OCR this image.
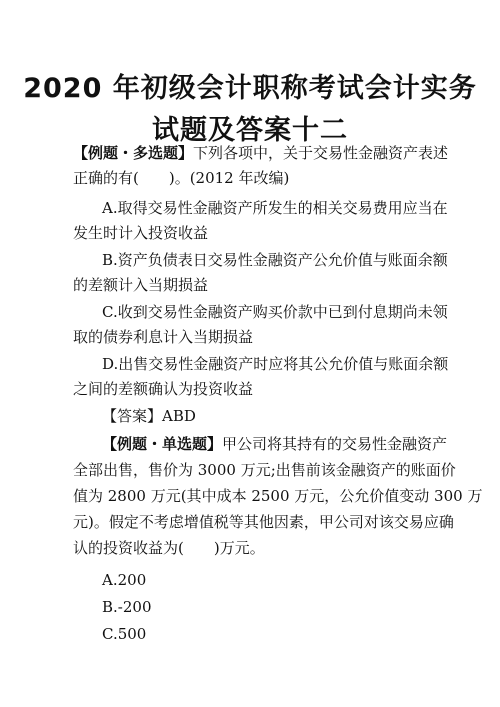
2020 年初级会计职称考试会计实务
试题及答案十二
【例题・多选题】下列各项中，关于交易性金融资产表述
正确的有(　　)。(2012 年改编)
A.取得交易性金融资产所发生的相关交易费用应当在
发生时计入投资收益
B.资产负债表日交易性金融资产公允价值与账面余额
的差额计入当期损益
C.收到交易性金融资产购买价款中已到付息期尚未领
取的债券利息计入当期损益
D.出售交易性金融资产时应将其公允价值与账面余额
之间的差额确认为投资收益
【答案】ABD
【例题・单选题】甲公司将其持有的交易性金融资产
全部出售，售价为 3000 万元;出售前该金融资产的账面价
值为 2800 万元(其中成本 2500 万元，公允价值变动 300 万
元)。假定不考虑增值税等其他因素，甲公司对该交易应确
认的投资收益为(　　)万元。
A.200
B.-200
C.500
